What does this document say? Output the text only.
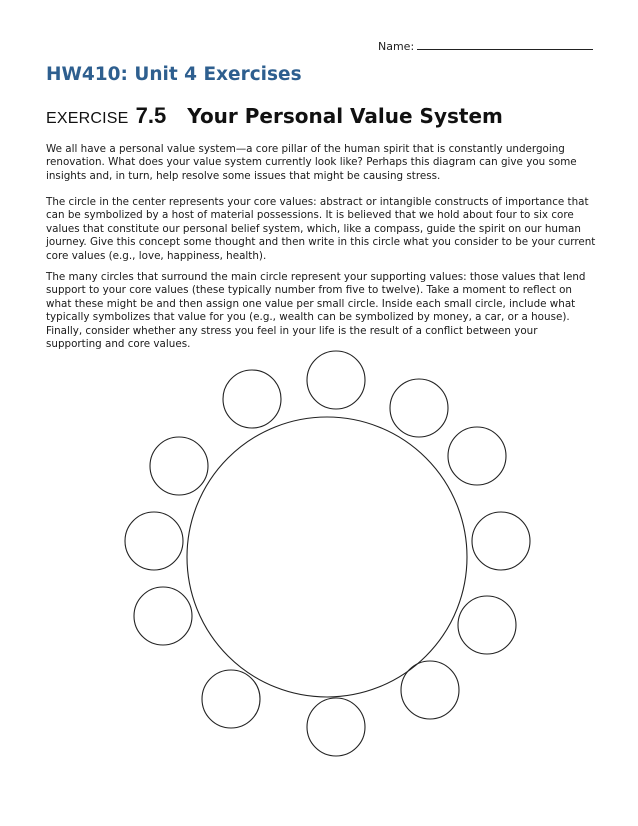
Name:
HW410: Unit 4 Exercises
EXERCISE 7.5 Your Personal Value System

We all have a personal value system—a core pillar of the human spirit that is constantly undergoing renovation. What does your value system currently look like? Perhaps this diagram can give you some insights and, in turn, help resolve some issues that might be causing stress.

The circle in the center represents your core values: abstract or intangible constructs of importance that can be symbolized by a host of material possessions. It is believed that we hold about four to six core values that constitute our personal belief system, which, like a compass, guide the spirit on our human journey. Give this concept some thought and then write in this circle what you consider to be your current core values (e.g., love, happiness, health).

The many circles that surround the main circle represent your supporting values: those values that lend support to your core values (these typically number from five to twelve). Take a moment to reflect on what these might be and then assign one value per small circle. Inside each small circle, include what typically symbolizes that value for you (e.g., wealth can be symbolized by money, a car, or a house). Finally, consider whether any stress you feel in your life is the result of a conflict between your supporting and core values.
